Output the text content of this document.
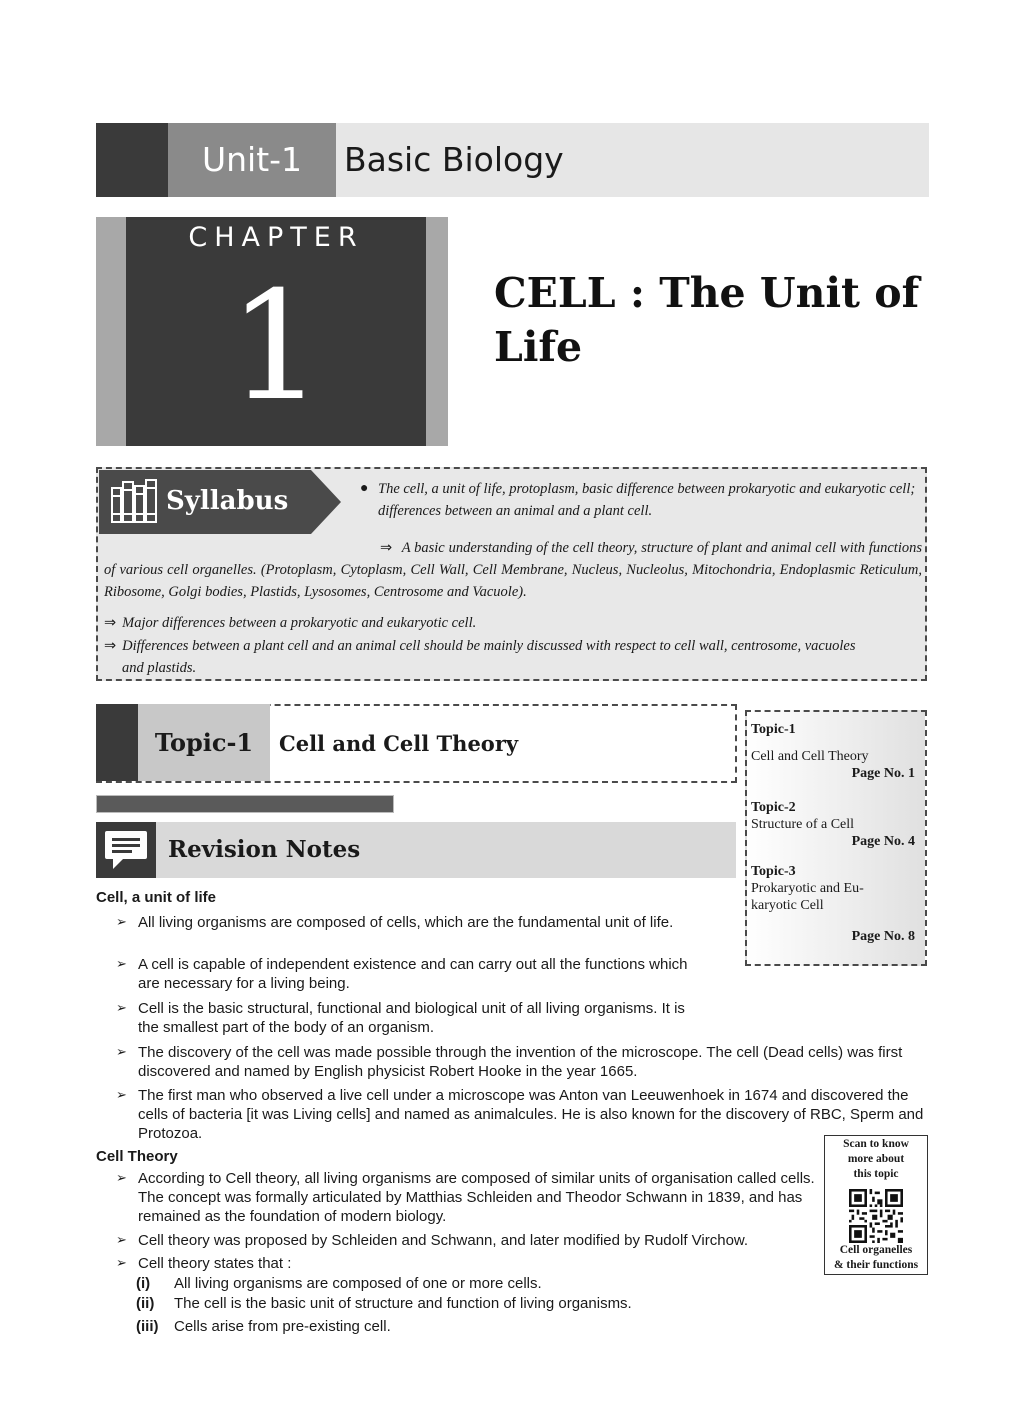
Unit-1	Basic Biology
CHAPTER
1	CELL : The Unit of Life
Syllabus	● The cell, a unit of life, protoplasm, basic difference between prokaryotic and eukaryotic cell; differences between an animal and a plant cell.
⇒ A basic understanding of the cell theory, structure of plant and animal cell with functions of various cell organelles. (Protoplasm, Cytoplasm, Cell Wall, Cell Membrane, Nucleus, Nucleolus, Mitochondria, Endoplasmic Reticulum, Ribosome, Golgi bodies, Plastids, Lysosomes, Centrosome and Vacuole).
⇒ Major differences between a prokaryotic and eukaryotic cell.
⇒ Differences between a plant cell and an animal cell should be mainly discussed with respect to cell wall, centrosome, vacuoles
and plastids.
Topic-1	Cell and Cell Theory
Revision Notes
Topic-1
Cell and Cell Theory
Page No. 1
Topic-2
Structure of a Cell
Page No. 4
Topic-3
Prokaryotic and Eu-karyotic Cell
Page No. 8
Cell, a unit of life
➢ All living organisms are composed of cells, which are the fundamental unit of life.
➢ A cell is capable of independent existence and can carry out all the functions which are necessary for a living being.
➢ Cell is the basic structural, functional and biological unit of all living organisms. It is the smallest part of the body of an organism.
➢ The discovery of the cell was made possible through the invention of the microscope. The cell (Dead cells) was first discovered and named by English physicist Robert Hooke in the year 1665.
➢ The first man who observed a live cell under a microscope was Anton van Leeuwenhoek in 1674 and discovered the cells of bacteria [it was Living cells] and named as animalcules. He is also known for the discovery of RBC, Sperm and Protozoa.
Cell Theory
➢ According to Cell theory, all living organisms are composed of similar units of organisation called cells. The concept was formally articulated by Matthias Schleiden and Theodor Schwann in 1839, and has remained as the foundation of modern biology.
➢ Cell theory was proposed by Schleiden and Schwann, and later modified by Rudolf Virchow.
➢ Cell theory states that :
(i) All living organisms are composed of one or more cells.
(ii) The cell is the basic unit of structure and function of living organisms.
(iii) Cells arise from pre-existing cell.
Scan to know
more about
this topic
Cell organelles
& their functions
